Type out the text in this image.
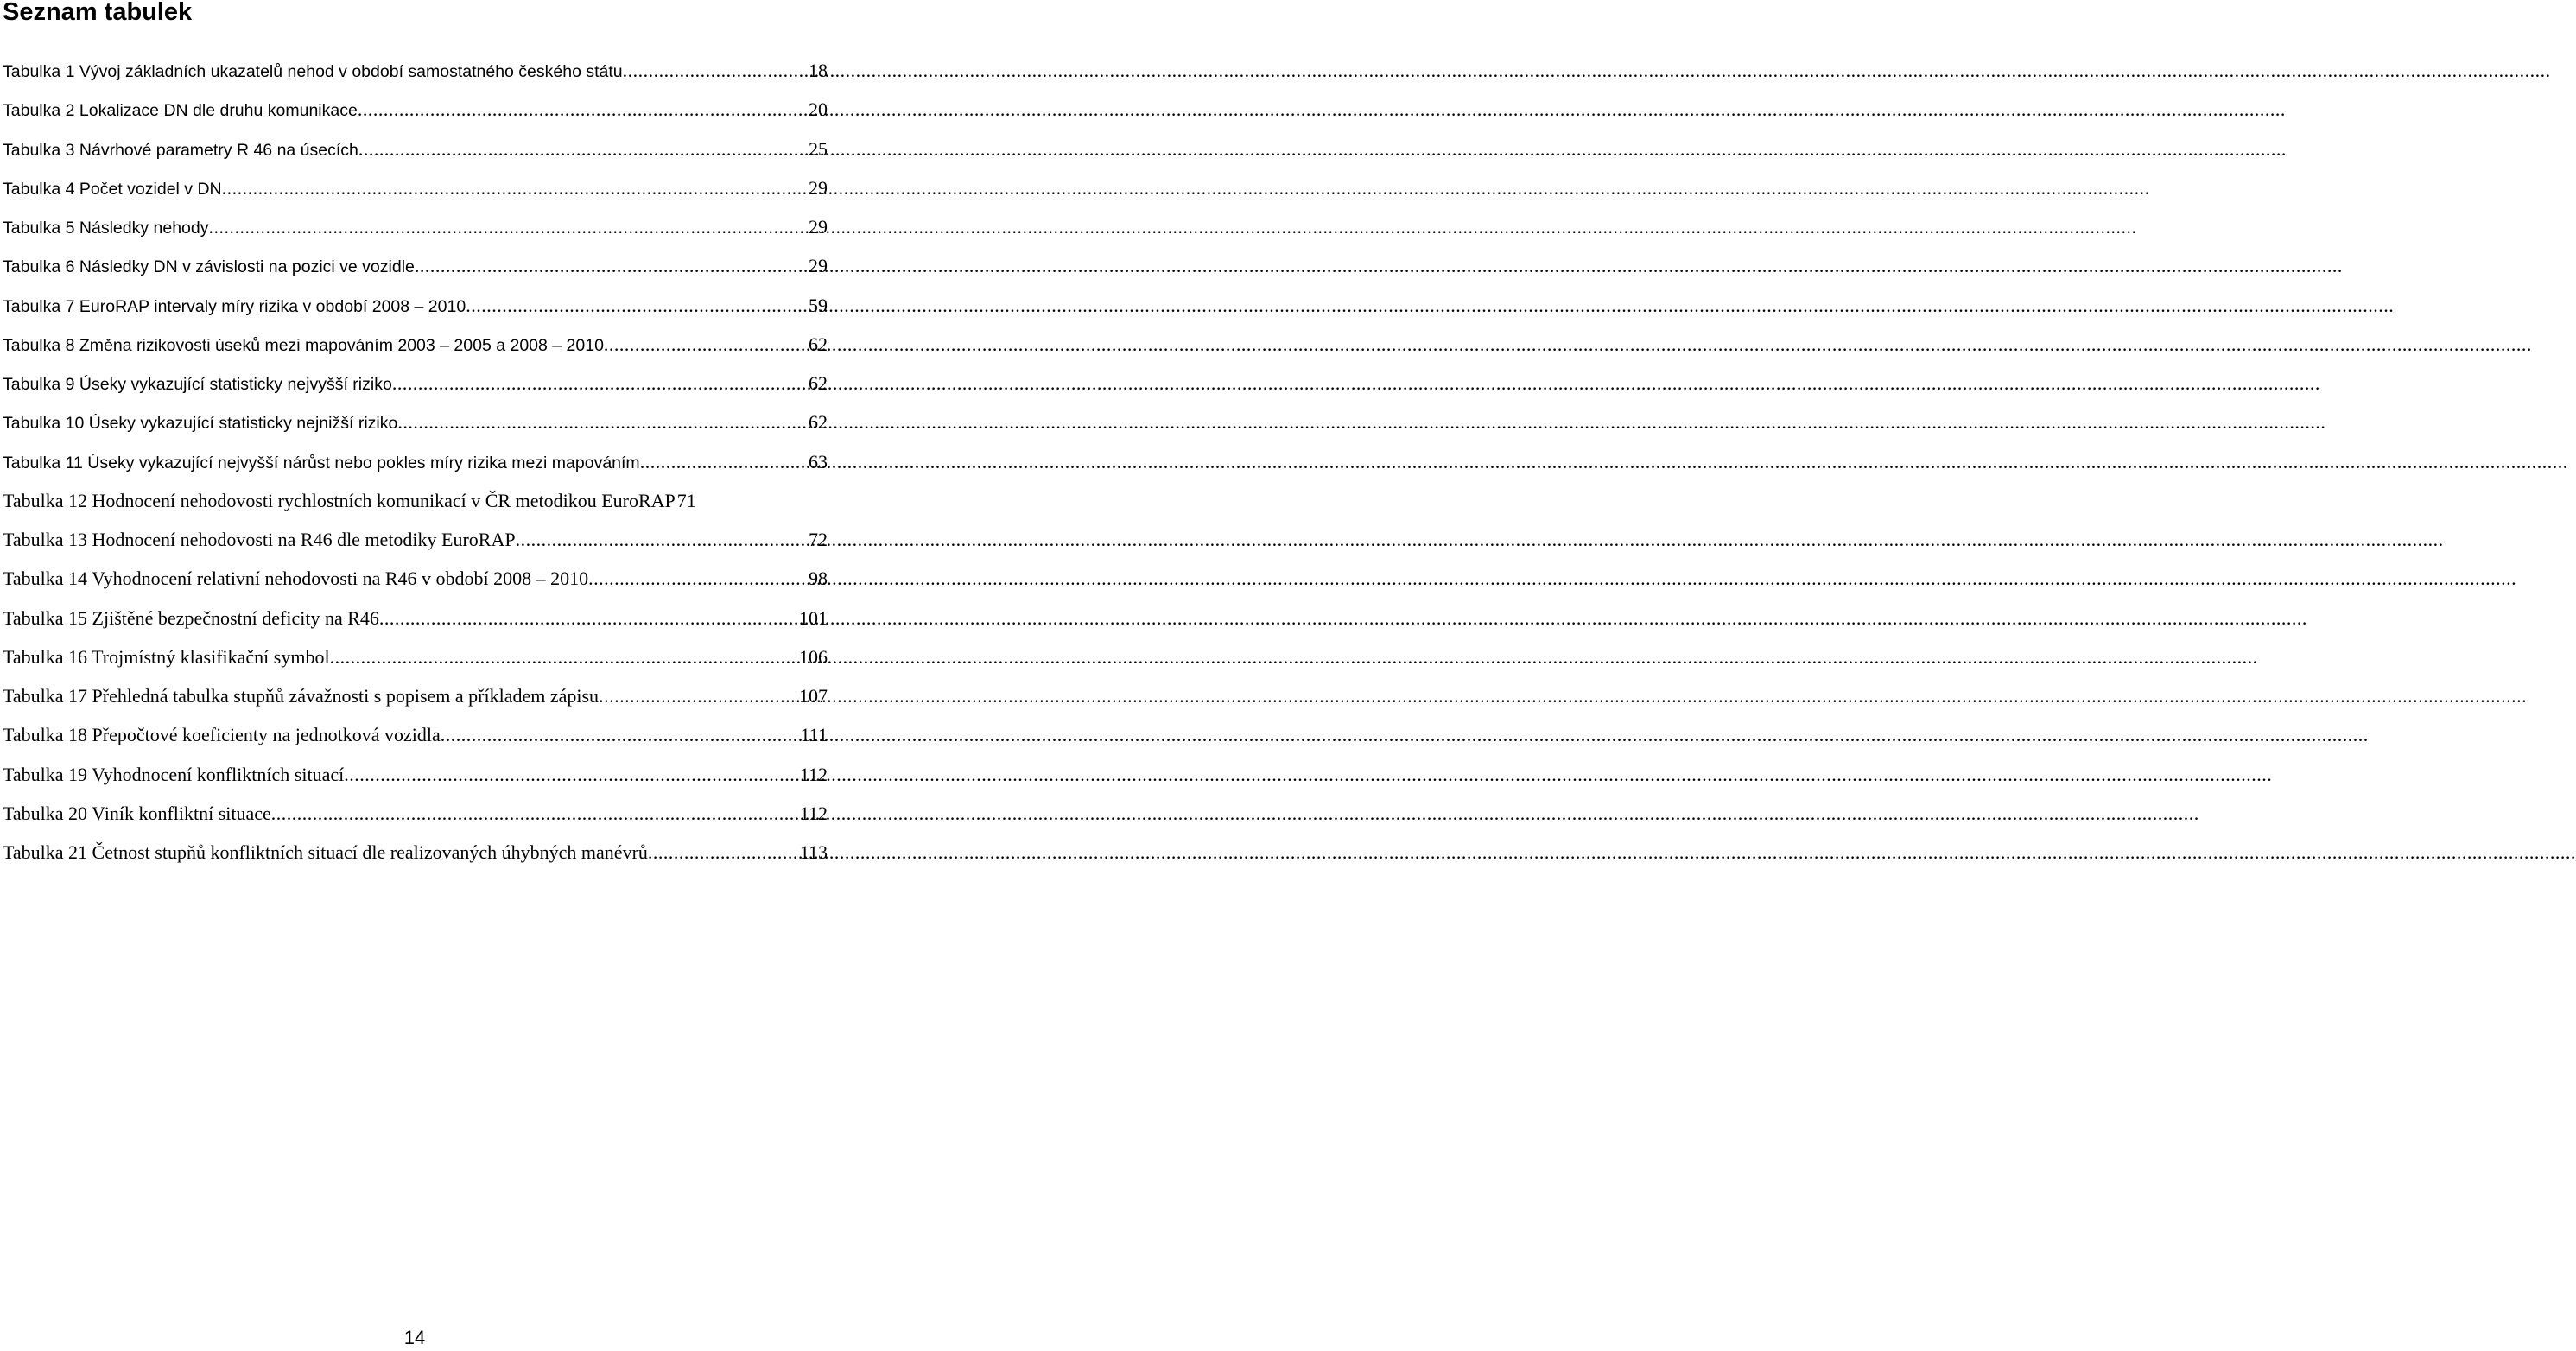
Seznam tabulek
Tabulka 1 Vývoj základních ukazatelů nehod v období samostatného českého státu .....	18
Tabulka 2 Lokalizace DN dle druhu komunikace .....	20
Tabulka 3 Návrhové parametry R 46 na úsecích .....	25
Tabulka 4 Počet vozidel v DN .....	29
Tabulka 5 Následky nehody .....	29
Tabulka 6 Následky DN v závislosti na pozici ve vozidle .....	29
Tabulka 7 EuroRAP intervaly míry rizika v období 2008 – 2010 .....	59
Tabulka 8 Změna rizikovosti úseků mezi mapováním 2003 – 2005 a 2008 – 2010 .....	62
Tabulka 9 Úseky vykazující statisticky nejvyšší riziko .....	62
Tabulka 10 Úseky vykazující statisticky nejnižší riziko .....	62
Tabulka 11 Úseky vykazující nejvyšší nárůst nebo pokles míry rizika mezi mapováním .....	63
Tabulka 12 Hodnocení nehodovosti rychlostních komunikací v ČR metodikou EuroRAP 71
Tabulka 13 Hodnocení nehodovosti na R46 dle metodiky EuroRAP .....	72
Tabulka 14 Vyhodnocení relativní nehodovosti na R46 v období 2008 – 2010 .....	98
Tabulka 15 Zjištěné bezpečnostní deficity na R46 .....	101
Tabulka 16 Trojmístný klasifikační symbol .....	106
Tabulka 17 Přehledná tabulka stupňů závažnosti s popisem a příkladem zápisu .....	107
Tabulka 18 Přepočtové koeficienty na jednotková vozidla .....	111
Tabulka 19 Vyhodnocení konfliktních situací .....	112
Tabulka 20 Viník konfliktní situace .....	112
Tabulka 21 Četnost stupňů konfliktních situací dle realizovaných úhybných manévrů .....	113
14
